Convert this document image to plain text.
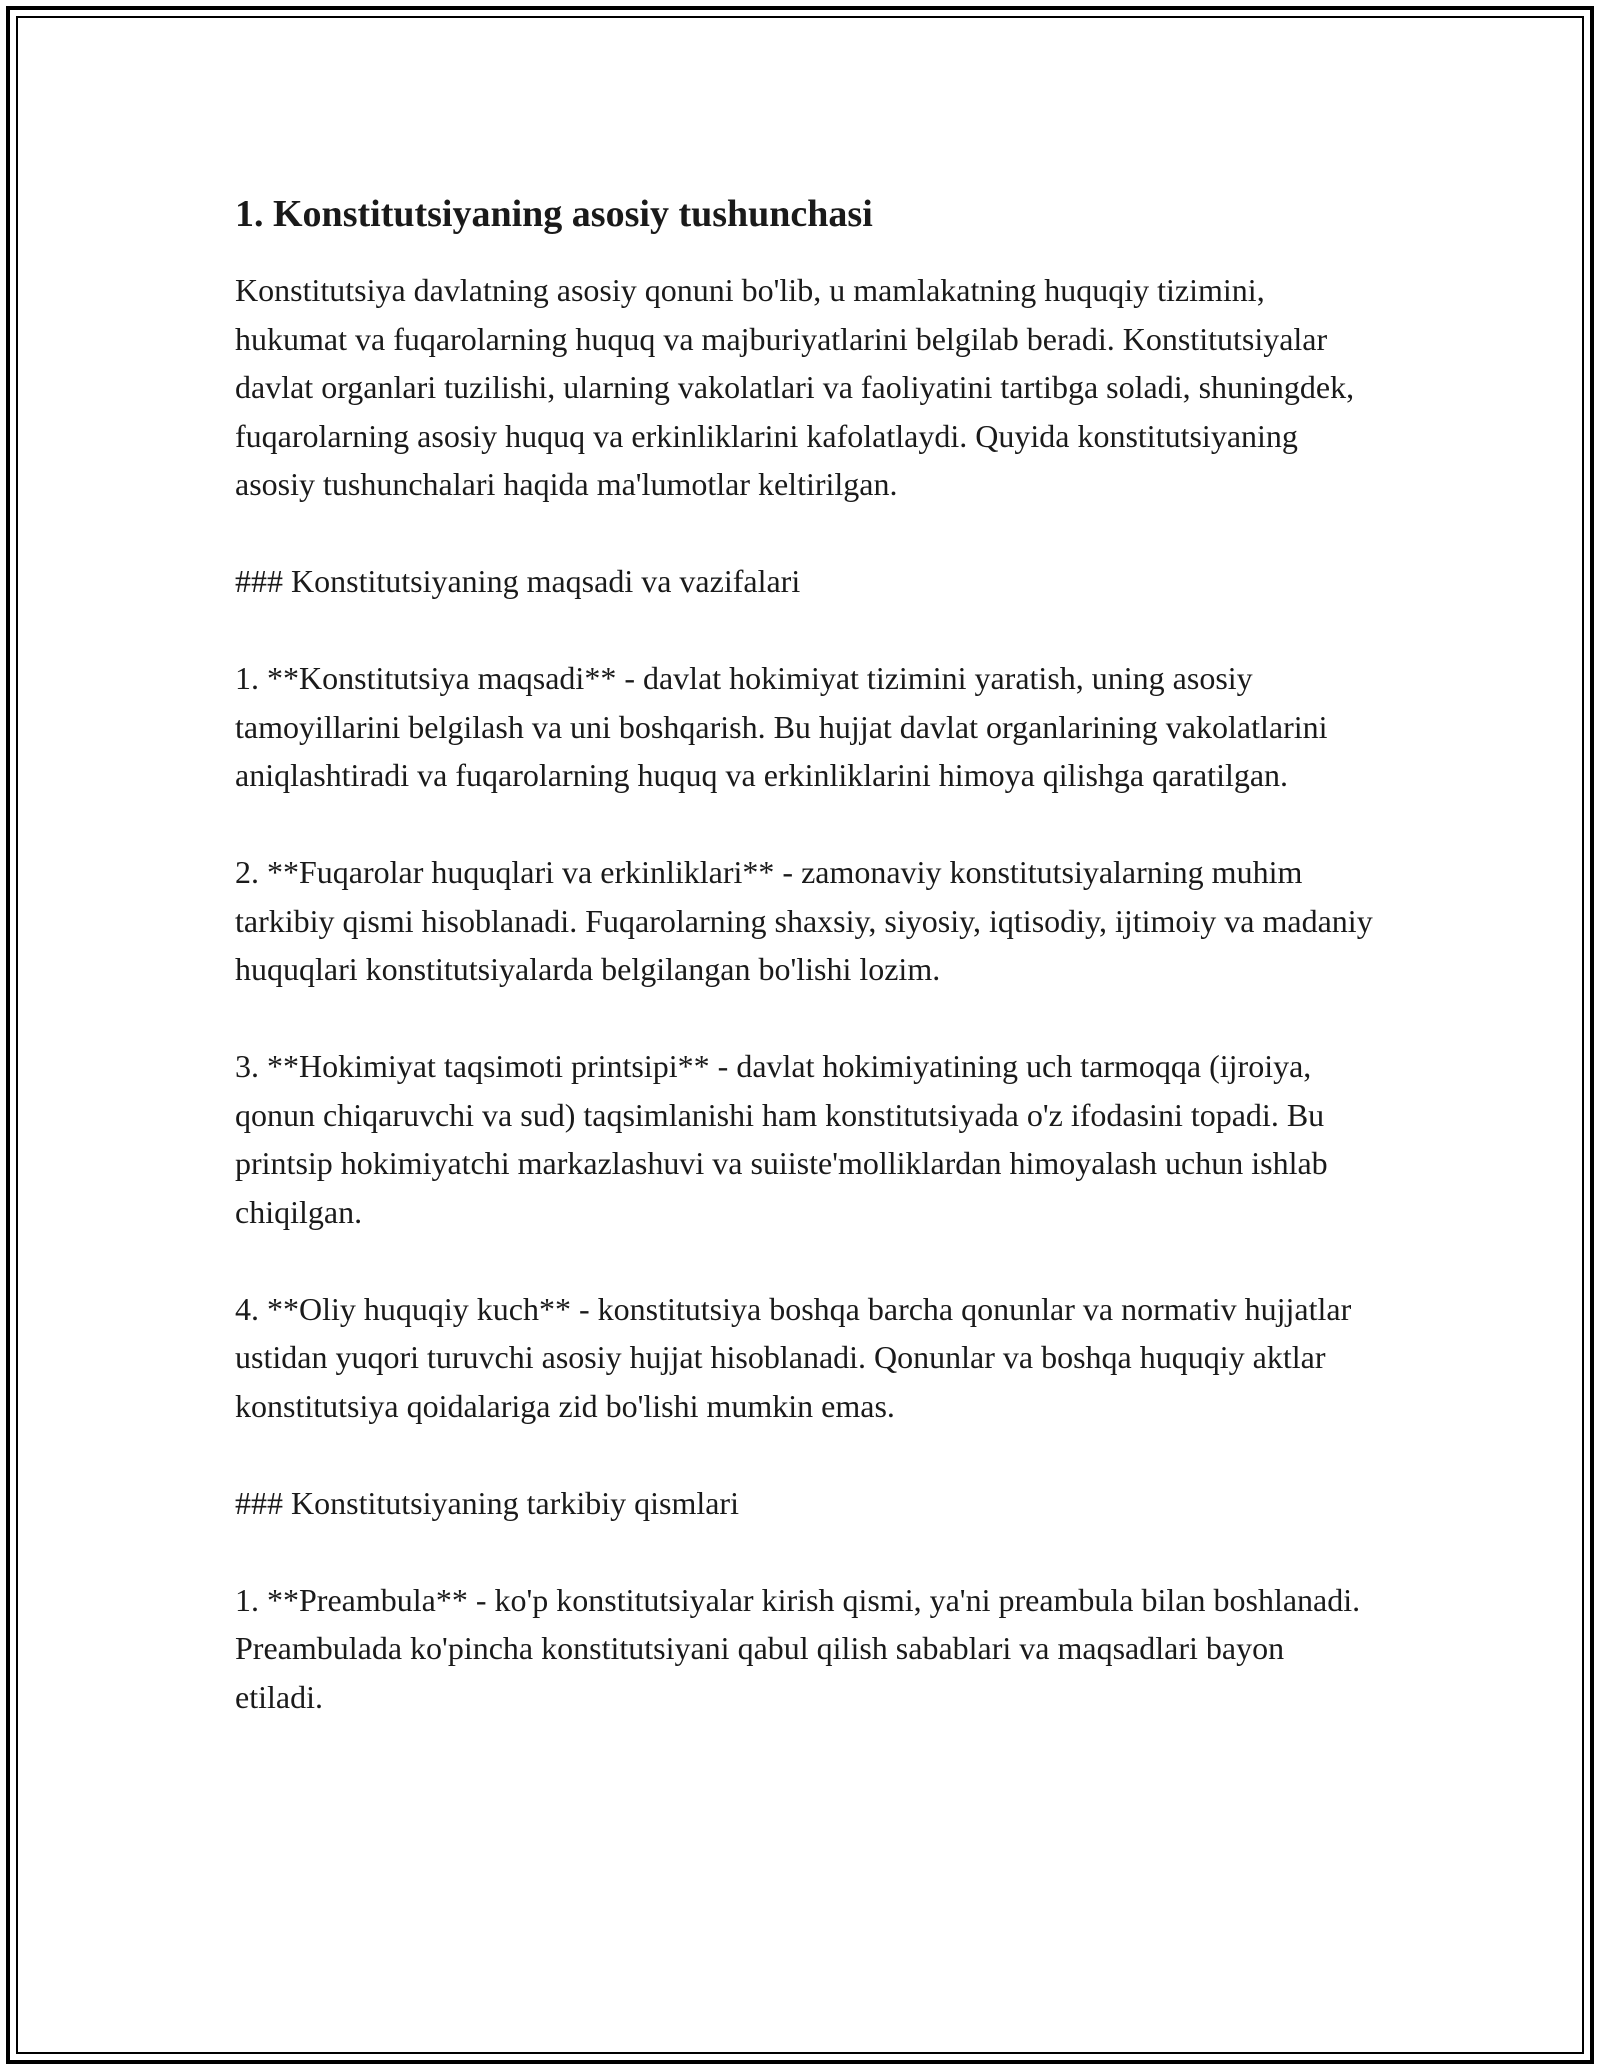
1. Konstitutsiyaning asosiy tushunchasi

Konstitutsiya davlatning asosiy qonuni bo'lib, u mamlakatning huquqiy tizimini, hukumat va fuqarolarning huquq va majburiyatlarini belgilab beradi. Konstitutsiyalar davlat organlari tuzilishi, ularning vakolatlari va faoliyatini tartibga soladi, shuningdek, fuqarolarning asosiy huquq va erkinliklarini kafolatlaydi. Quyida konstitutsiyaning asosiy tushunchalari haqida ma'lumotlar keltirilgan.

### Konstitutsiyaning maqsadi va vazifalari

1. **Konstitutsiya maqsadi** - davlat hokimiyat tizimini yaratish, uning asosiy tamoyillarini belgilash va uni boshqarish. Bu hujjat davlat organlarining vakolatlarini aniqlashtiradi va fuqarolarning huquq va erkinliklarini himoya qilishga qaratilgan.

2. **Fuqarolar huquqlari va erkinliklari** - zamonaviy konstitutsiyalarning muhim tarkibiy qismi hisoblanadi. Fuqarolarning shaxsiy, siyosiy, iqtisodiy, ijtimoiy va madaniy huquqlari konstitutsiyalarda belgilangan bo'lishi lozim.

3. **Hokimiyat taqsimoti printsipi** - davlat hokimiyatining uch tarmoqqa (ijroiya, qonun chiqaruvchi va sud) taqsimlanishi ham konstitutsiyada o'z ifodasini topadi. Bu printsip hokimiyatchi markazlashuvi va suiiste'molliklardan himoyalash uchun ishlab chiqilgan.

4. **Oliy huquqiy kuch** - konstitutsiya boshqa barcha qonunlar va normativ hujjatlar ustidan yuqori turuvchi asosiy hujjat hisoblanadi. Qonunlar va boshqa huquqiy aktlar konstitutsiya qoidalariga zid bo'lishi mumkin emas.

### Konstitutsiyaning tarkibiy qismlari

1. **Preambula** - ko'p konstitutsiyalar kirish qismi, ya'ni preambula bilan boshlanadi. Preambulada ko'pincha konstitutsiyani qabul qilish sabablari va maqsadlari bayon etiladi.
